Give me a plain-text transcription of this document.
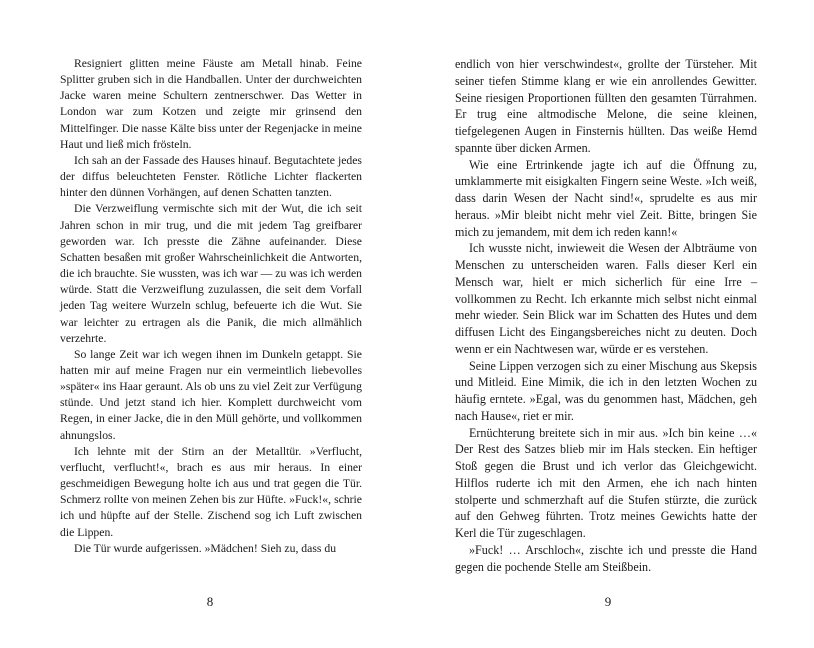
Resigniert glitten meine Fäuste am Metall hinab. Feine Splitter gruben sich in die Handballen. Unter der durchweichten Jacke waren meine Schultern zentnerschwer. Das Wetter in London war zum Kotzen und zeigte mir grinsend den Mittelfinger. Die nasse Kälte biss unter der Regenjacke in meine Haut und ließ mich frösteln.

Ich sah an der Fassade des Hauses hinauf. Begutachtete jedes der diffus beleuchteten Fenster. Rötliche Lichter flackerten hinter den dünnen Vorhängen, auf denen Schatten tanzten.

Die Verzweiflung vermischte sich mit der Wut, die ich seit Jahren schon in mir trug, und die mit jedem Tag greifbarer geworden war. Ich presste die Zähne aufeinander. Diese Schatten besaßen mit großer Wahrscheinlichkeit die Antworten, die ich brauchte. Sie wussten, was ich war — zu was ich werden würde. Statt die Verzweiflung zuzulassen, die seit dem Vorfall jeden Tag weitere Wurzeln schlug, befeuerte ich die Wut. Sie war leichter zu ertragen als die Panik, die mich allmählich verzehrte.

So lange Zeit war ich wegen ihnen im Dunkeln getappt. Sie hatten mir auf meine Fragen nur ein vermeintlich liebevolles »später« ins Haar geraunt. Als ob uns zu viel Zeit zur Verfügung stünde. Und jetzt stand ich hier. Komplett durchweicht vom Regen, in einer Jacke, die in den Müll gehörte, und vollkommen ahnungslos.

Ich lehnte mit der Stirn an der Metalltür. »Verflucht, verflucht, verflucht!«, brach es aus mir heraus. In einer geschmeidigen Bewegung holte ich aus und trat gegen die Tür. Schmerz rollte von meinen Zehen bis zur Hüfte. »Fuck!«, schrie ich und hüpfte auf der Stelle. Zischend sog ich Luft zwischen die Lippen.

Die Tür wurde aufgerissen. »Mädchen! Sieh zu, dass du

8

endlich von hier verschwindest«, grollte der Türsteher. Mit seiner tiefen Stimme klang er wie ein anrollendes Gewitter. Seine riesigen Proportionen füllten den gesamten Türrahmen. Er trug eine altmodische Melone, die seine kleinen, tiefgelegenen Augen in Finsternis hüllten. Das weiße Hemd spannte über dicken Armen.

Wie eine Ertrinkende jagte ich auf die Öffnung zu, umklammerte mit eisigkalten Fingern seine Weste. »Ich weiß, dass darin Wesen der Nacht sind!«, sprudelte es aus mir heraus. »Mir bleibt nicht mehr viel Zeit. Bitte, bringen Sie mich zu jemandem, mit dem ich reden kann!«

Ich wusste nicht, inwieweit die Wesen der Albträume von Menschen zu unterscheiden waren. Falls dieser Kerl ein Mensch war, hielt er mich sicherlich für eine Irre – vollkommen zu Recht. Ich erkannte mich selbst nicht einmal mehr wieder. Sein Blick war im Schatten des Hutes und dem diffusen Licht des Eingangsbereiches nicht zu deuten. Doch wenn er ein Nachtwesen war, würde er es verstehen.

Seine Lippen verzogen sich zu einer Mischung aus Skepsis und Mitleid. Eine Mimik, die ich in den letzten Wochen zu häufig erntete. »Egal, was du genommen hast, Mädchen, geh nach Hause«, riet er mir.

Ernüchterung breitete sich in mir aus. »Ich bin keine …« Der Rest des Satzes blieb mir im Hals stecken. Ein heftiger Stoß gegen die Brust und ich verlor das Gleichgewicht. Hilflos ruderte ich mit den Armen, ehe ich nach hinten stolperte und schmerzhaft auf die Stufen stürzte, die zurück auf den Gehweg führten. Trotz meines Gewichts hatte der Kerl die Tür zugeschlagen.

»Fuck! … Arschloch«, zischte ich und presste die Hand gegen die pochende Stelle am Steißbein.

9
